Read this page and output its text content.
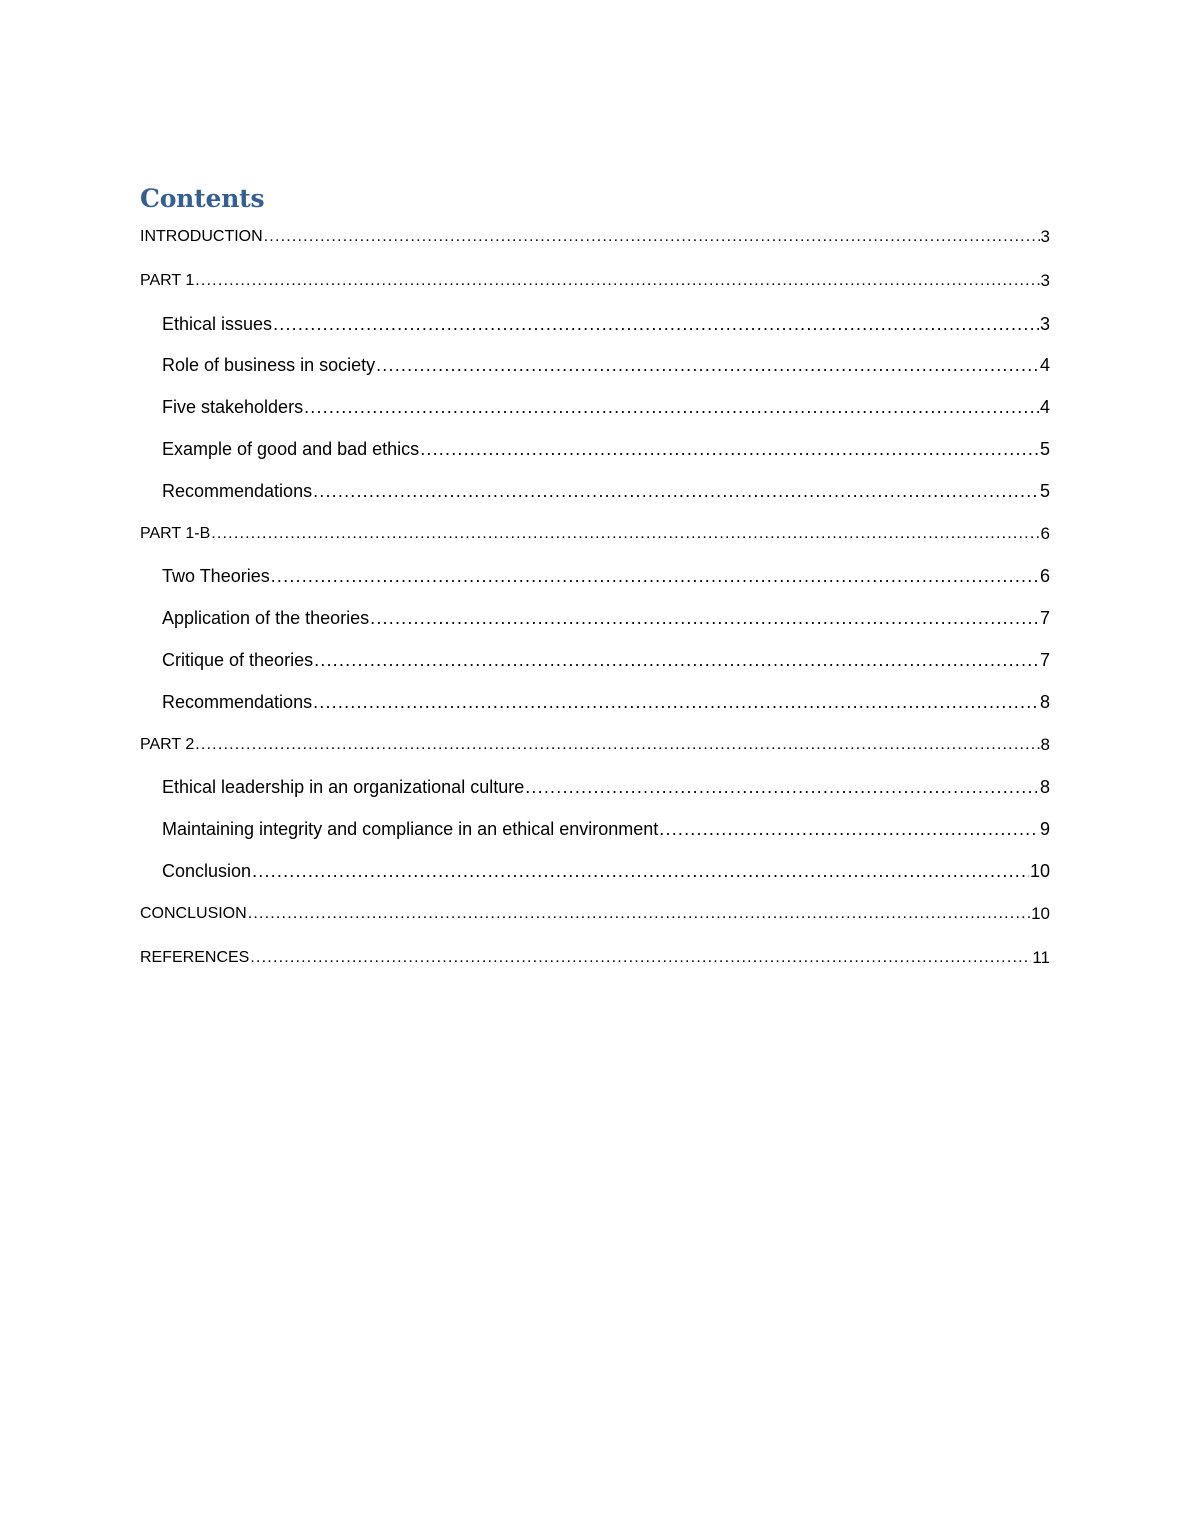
Contents
INTRODUCTION .....	3
PART 1 .....	3
Ethical issues .....	3
Role of business in society .....	4
Five stakeholders .....	4
Example of good and bad ethics .....	5
Recommendations .....	5
PART 1-B .....	6
Two Theories .....	6
Application of the theories .....	7
Critique of theories .....	7
Recommendations .....	8
PART 2 .....	8
Ethical leadership in an organizational culture .....	8
Maintaining integrity and compliance in an ethical environment .....	9
Conclusion .....	10
CONCLUSION .....	10
REFERENCES .....	11
